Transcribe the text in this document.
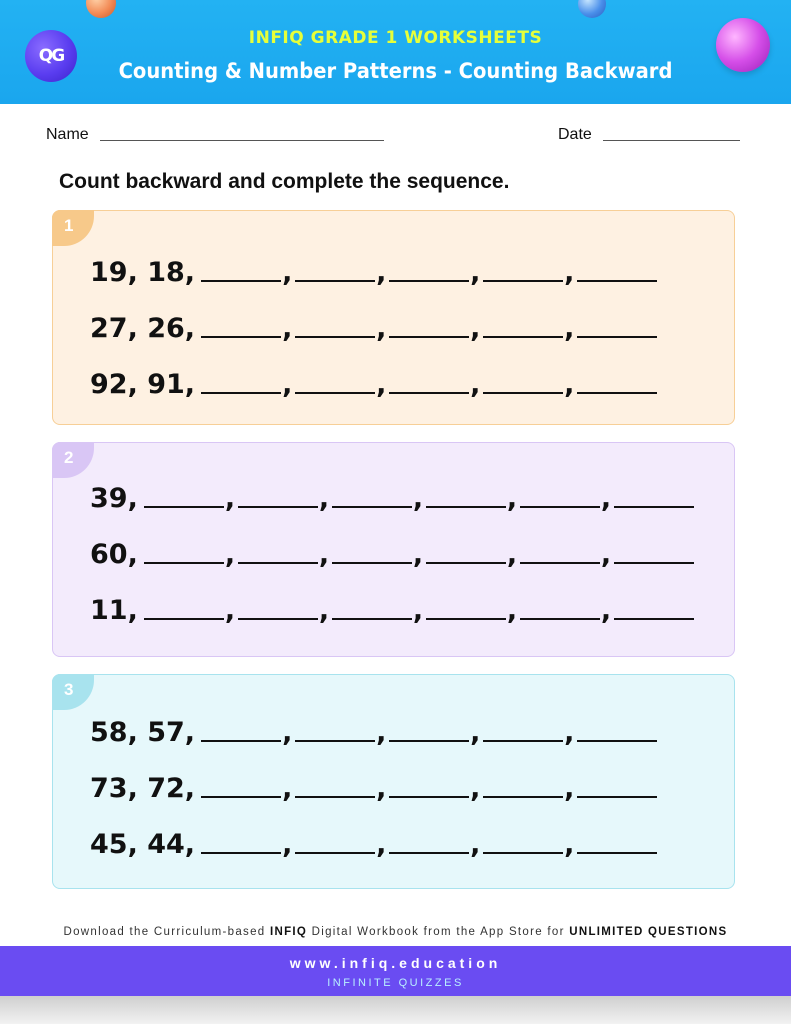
QG
INFIQ GRADE 1 WORKSHEETS
Counting & Number Patterns - Counting Backward
Name	Date
Count backward and complete the sequence.
1
2
3
19, 18,	,	,	,	,
27, 26,	,	,	,	,
92, 91,	,	,	,	,
39,	,	,	,	,	,
60,	,	,	,	,	,
11,	,	,	,	,	,
58, 57,	,	,	,	,
73, 72,	,	,	,	,
45, 44,	,	,	,	,
Download the Curriculum-based INFIQ Digital Workbook from the App Store for UNLIMITED QUESTIONS
www.infiq.education
INFINITE QUIZZES
